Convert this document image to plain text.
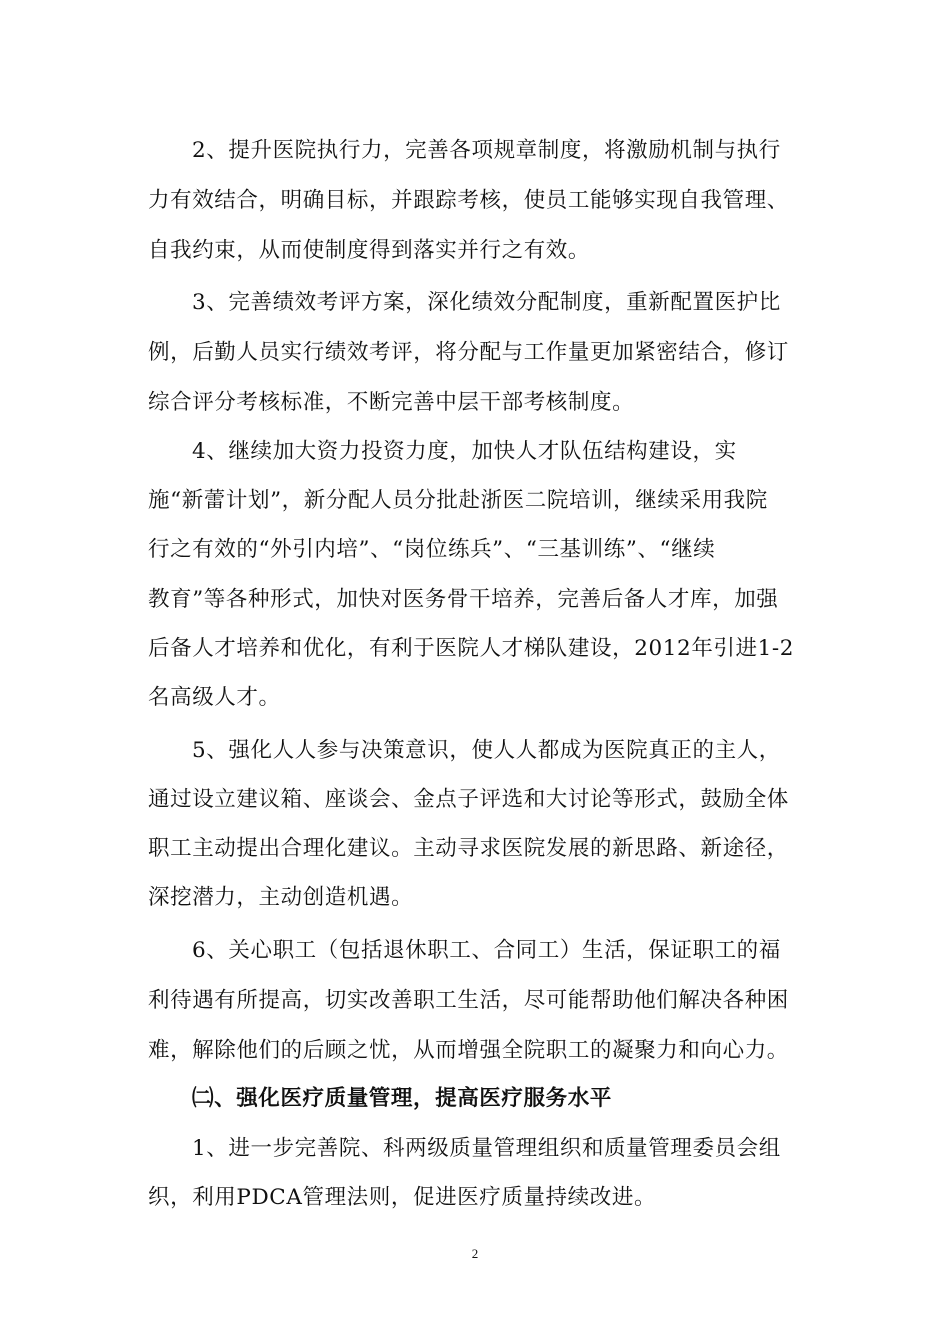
2、提升医院执行力，完善各项规章制度，将激励机制与执行
力有效结合，明确目标，并跟踪考核，使员工能够实现自我管理、
自我约束，从而使制度得到落实并行之有效。
3、完善绩效考评方案，深化绩效分配制度，重新配置医护比
例，后勤人员实行绩效考评，将分配与工作量更加紧密结合，修订
综合评分考核标准，不断完善中层干部考核制度。
4、继续加大资力投资力度，加快人才队伍结构建设，实
施“新蕾计划”，新分配人员分批赴浙医二院培训，继续采用我院
行之有效的“外引内培”、“岗位练兵”、“三基训练”、“继续
教育”等各种形式，加快对医务骨干培养，完善后备人才库，加强
后备人才培养和优化，有利于医院人才梯队建设，2012年引进1-2
名高级人才。
5、强化人人参与决策意识，使人人都成为医院真正的主人，
通过设立建议箱、座谈会、金点子评选和大讨论等形式，鼓励全体
职工主动提出合理化建议。主动寻求医院发展的新思路、新途径，
深挖潜力，主动创造机遇。
6、关心职工（包括退休职工、合同工）生活，保证职工的福
利待遇有所提高，切实改善职工生活，尽可能帮助他们解决各种困
难，解除他们的后顾之忧，从而增强全院职工的凝聚力和向心力。
㈡、强化医疗质量管理，提高医疗服务水平
1、进一步完善院、科两级质量管理组织和质量管理委员会组
织，利用PDCA管理法则，促进医疗质量持续改进。
2
